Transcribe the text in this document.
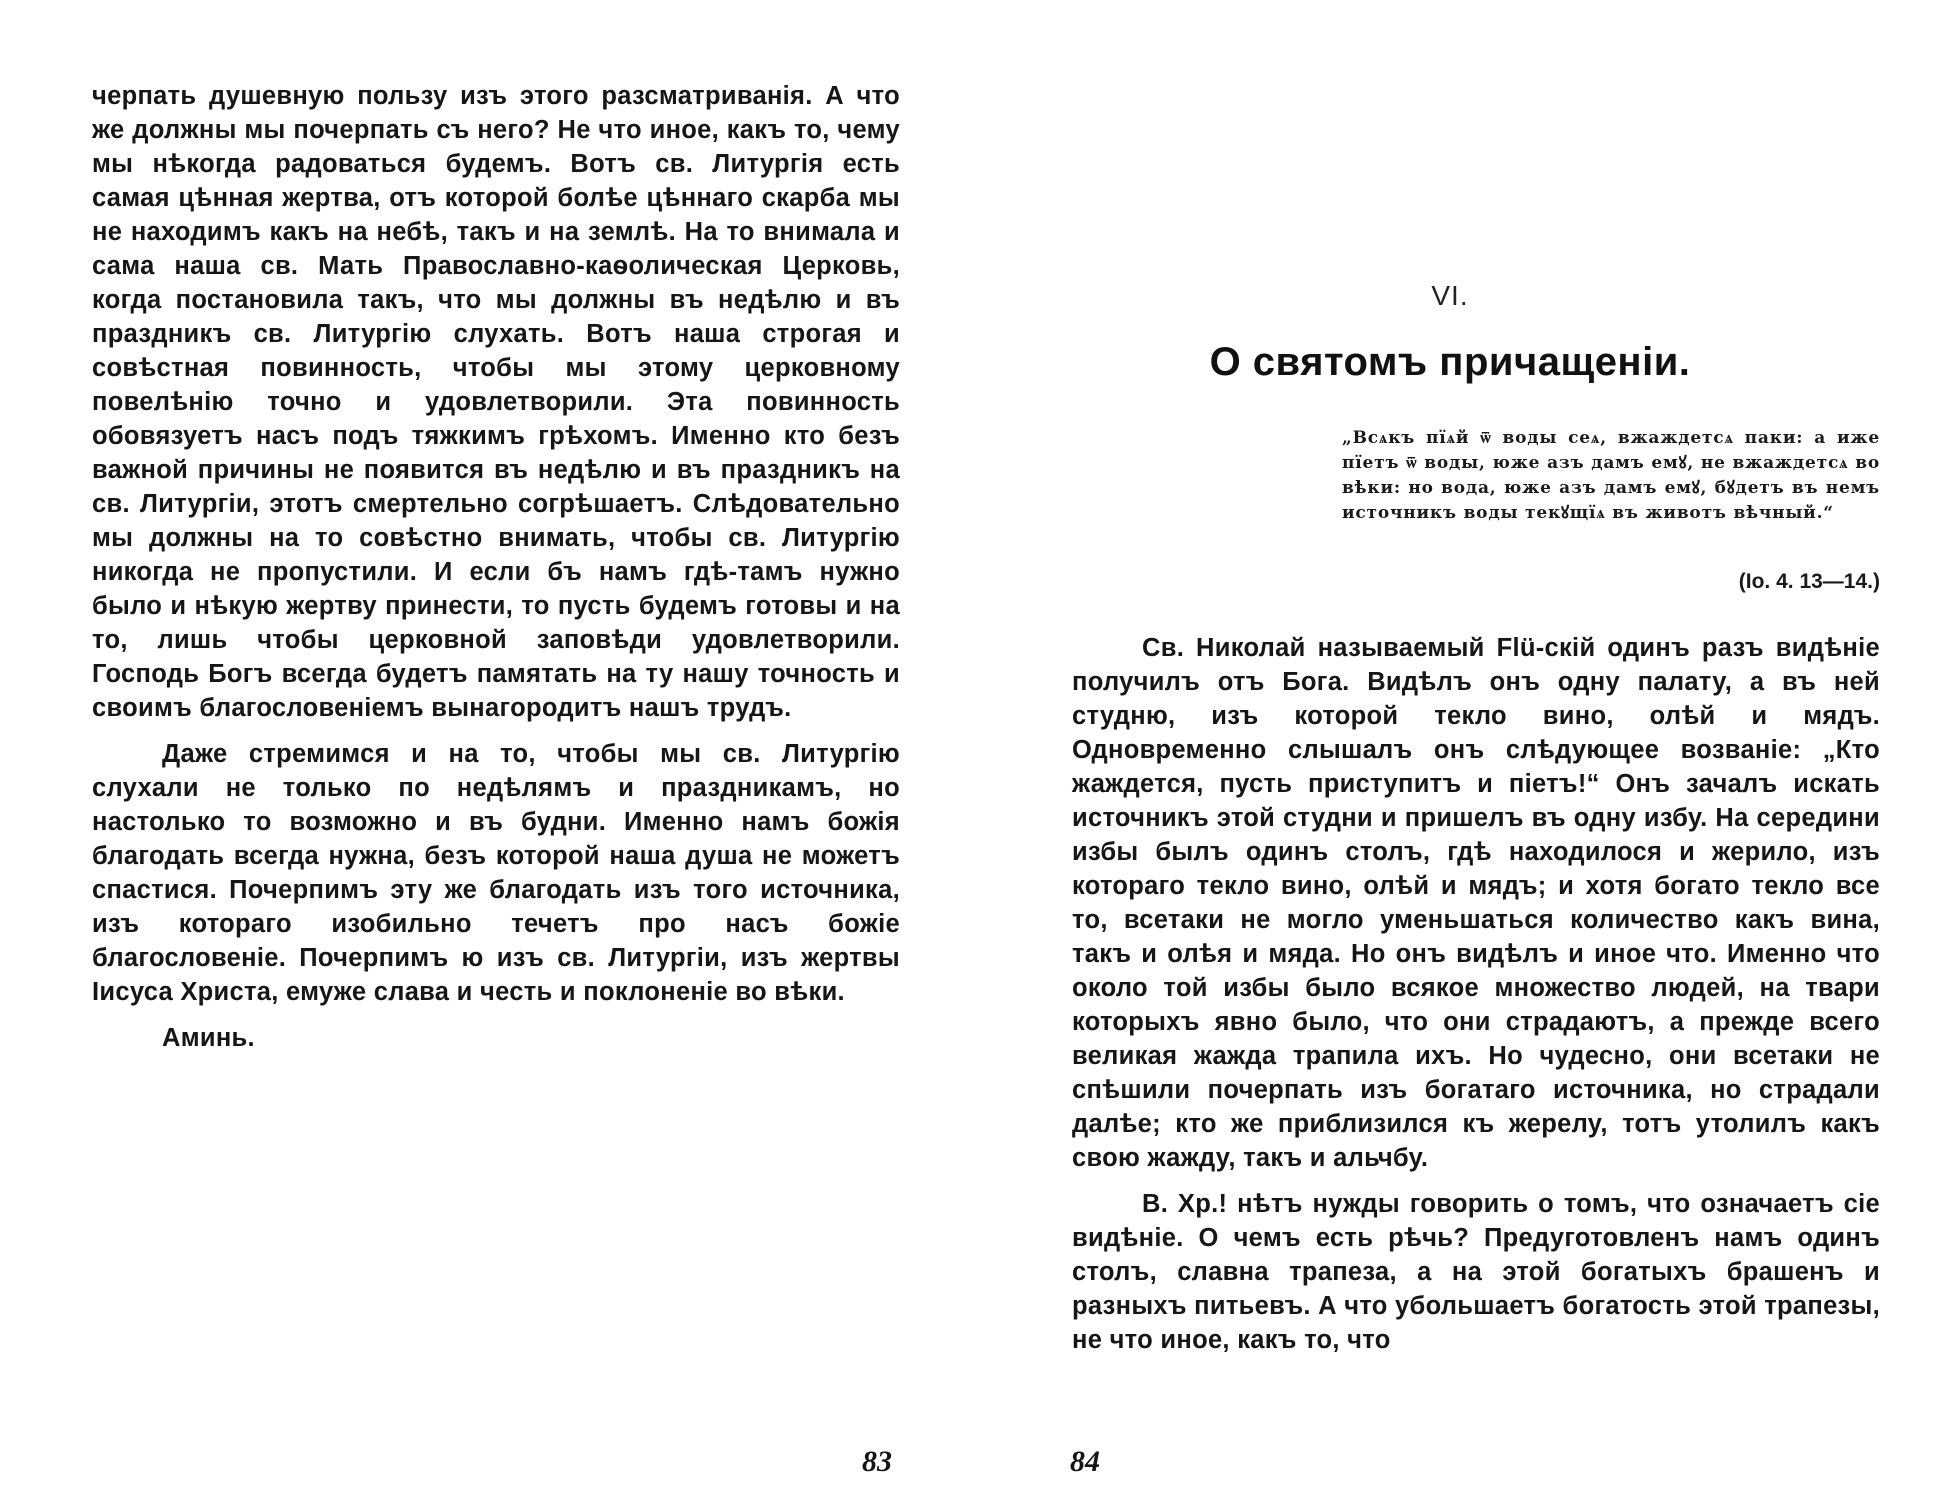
черпать душевную пользу изъ этого разсматриванія. А что же должны мы почерпать съ него? Не что иное, какъ то, чему мы нѣкогда радоваться будемъ. Вотъ св. Литургія есть самая цѣнная жертва, отъ которой болѣе цѣннаго скарба мы не находимъ какъ на небѣ, такъ и на землѣ. На то внимала и сама наша св. Мать Православно-каѳолическая Церковь, когда постановила такъ, что мы должны въ недѣлю и въ праздникъ св. Литургію слухать. Вотъ наша строгая и совѣстная повинность, чтобы мы этому церковному повелѣнію точно и удовлетворили. Эта повинность обовязуетъ насъ подъ тяжкимъ грѣхомъ. Именно кто безъ важной причины не появится въ недѣлю и въ праздникъ на св. Литургіи, этотъ смертельно согрѣшаетъ. Слѣдовательно мы должны на то совѣстно внимать, чтобы св. Литургію никогда не пропустили. И если бъ намъ гдѣ-тамъ нужно было и нѣкую жертву принести, то пусть будемъ готовы и на то, лишь чтобы церковной заповѣди удовлетворили. Господь Богъ всегда будетъ памятать на ту нашу точность и своимъ благословеніемъ вынагородитъ нашъ трудъ.

Даже стремимся и на то, чтобы мы св. Литургію слухали не только по недѣлямъ и праздникамъ, но настолько то возможно и въ будни. Именно намъ божія благодать всегда нужна, безъ которой наша душа не можетъ спастися. Почерпимъ эту же благодать изъ того источника, изъ котораго изобильно течетъ про насъ божіе благословеніе. Почерпимъ ю изъ св. Литургіи, изъ жертвы Іисуса Христа, емуже слава и честь и поклоненіе во вѣки.

Аминь.

83
VI.
О святомъ причащеніи.
„Всѧкъ пїѧй ѿ воды сеѧ, вжаждетсѧ паки: а иже пїетъ ѿ воды, юже азъ дамъ емꙋ, не вжаждетсѧ во вѣки: но вода, юже азъ дамъ емꙋ, бꙋдетъ въ немъ источникъ воды текꙋщїѧ въ животъ вѣчный.“
(Іо. 4. 13—14.)

Св. Николай называемый Flü-скій одинъ разъ видѣніе получилъ отъ Бога. Видѣлъ онъ одну палату, а въ ней студню, изъ которой текло вино, олѣй и мядъ. Одновременно слышалъ онъ слѣдующее возваніе: „Кто жаждется, пусть приступитъ и піетъ!“ Онъ зачалъ искать источникъ этой студни и пришелъ въ одну избу. На середини избы былъ одинъ столъ, гдѣ находилося и жерило, изъ котораго текло вино, олѣй и мядъ; и хотя богато текло все то, всетаки не могло уменьшаться количество какъ вина, такъ и олѣя и мяда. Но онъ видѣлъ и иное что. Именно что около той избы было всякое множество людей, на твари которыхъ явно было, что они страдаютъ, а прежде всего великая жажда трапила ихъ. Но чудесно, они всетаки не спѣшили почерпать изъ богатаго источника, но страдали далѣе; кто же приблизился къ жерелу, тотъ утолилъ какъ свою жажду, такъ и альчбу.

В. Хр.! нѣтъ нужды говорить о томъ, что означаетъ сіе видѣніе. О чемъ есть рѣчь? Предуготовленъ намъ одинъ столъ, славна трапеза, а на этой богатыхъ брашенъ и разныхъ питьевъ. А что убольшаетъ богатость этой трапезы, не что иное, какъ то, что

84
